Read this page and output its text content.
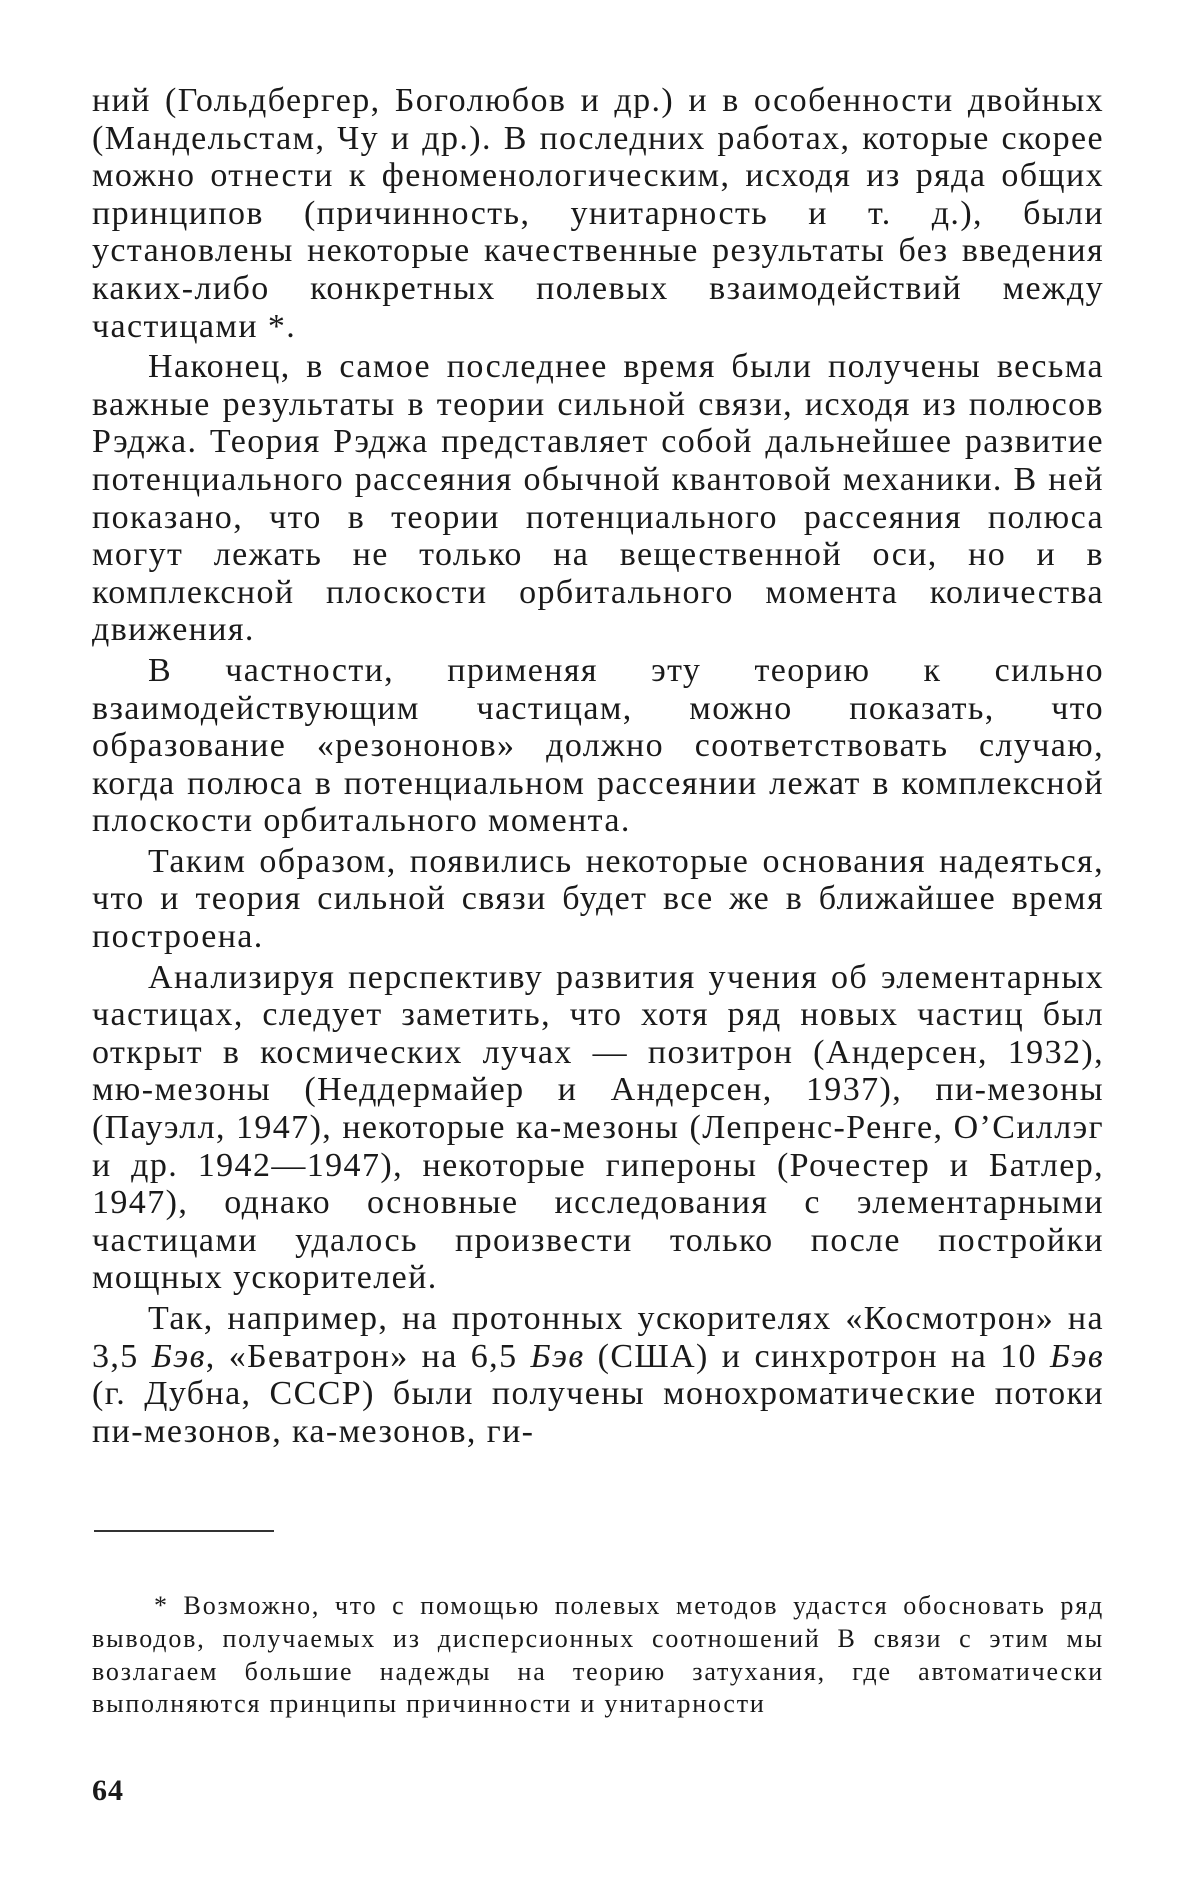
ний (Гольдбергер, Боголюбов и др.) и в особенности двойных (Мандельстам, Чу и др.). В последних работах, которые скорее можно отнести к феноменологическим, исходя из ряда общих принципов (причинность, унитарность и т. д.), были установлены некоторые качественные результаты без введения каких-либо конкретных полевых взаимодействий между частицами *.

Наконец, в самое последнее время были получены весьма важные результаты в теории сильной связи, исходя из полюсов Рэджа. Теория Рэджа представляет собой дальнейшее развитие потенциального рассеяния обычной квантовой механики. В ней показано, что в теории потенциального рассеяния полюса могут лежать не только на вещественной оси, но и в комплексной плоскости орбитального момента количества движения.

В частности, применяя эту теорию к сильно взаимодействующим частицам, можно показать, что образование «резононов» должно соответствовать случаю, когда полюса в потенциальном рассеянии лежат в комплексной плоскости орбитального момента.

Таким образом, появились некоторые основания надеяться, что и теория сильной связи будет все же в ближайшее время построена.

Анализируя перспективу развития учения об элементарных частицах, следует заметить, что хотя ряд новых частиц был открыт в космических лучах — позитрон (Андерсен, 1932), мю-мезоны (Неддермайер и Андерсен, 1937), пи-мезоны (Пауэлл, 1947), некоторые ка-мезоны (Лепренс-Ренге, О’Силлэг и др. 1942—1947), некоторые гипероны (Рочестер и Батлер, 1947), однако основные исследования с элементарными частицами удалось произвести только после постройки мощных ускорителей.

Так, например, на протонных ускорителях «Космотрон» на 3,5 Бэв, «Беватрон» на 6,5 Бэв (США) и синхротрон на 10 Бэв (г. Дубна, СССР) были получены монохроматические потоки пи-мезонов, ка-мезонов, ги-

* Возможно, что с помощью полевых методов удастся обосновать ряд выводов, получаемых из дисперсионных соотношений В связи с этим мы возлагаем большие надежды на теорию затухания, где автоматически выполняются принципы причинности и унитарности

64
